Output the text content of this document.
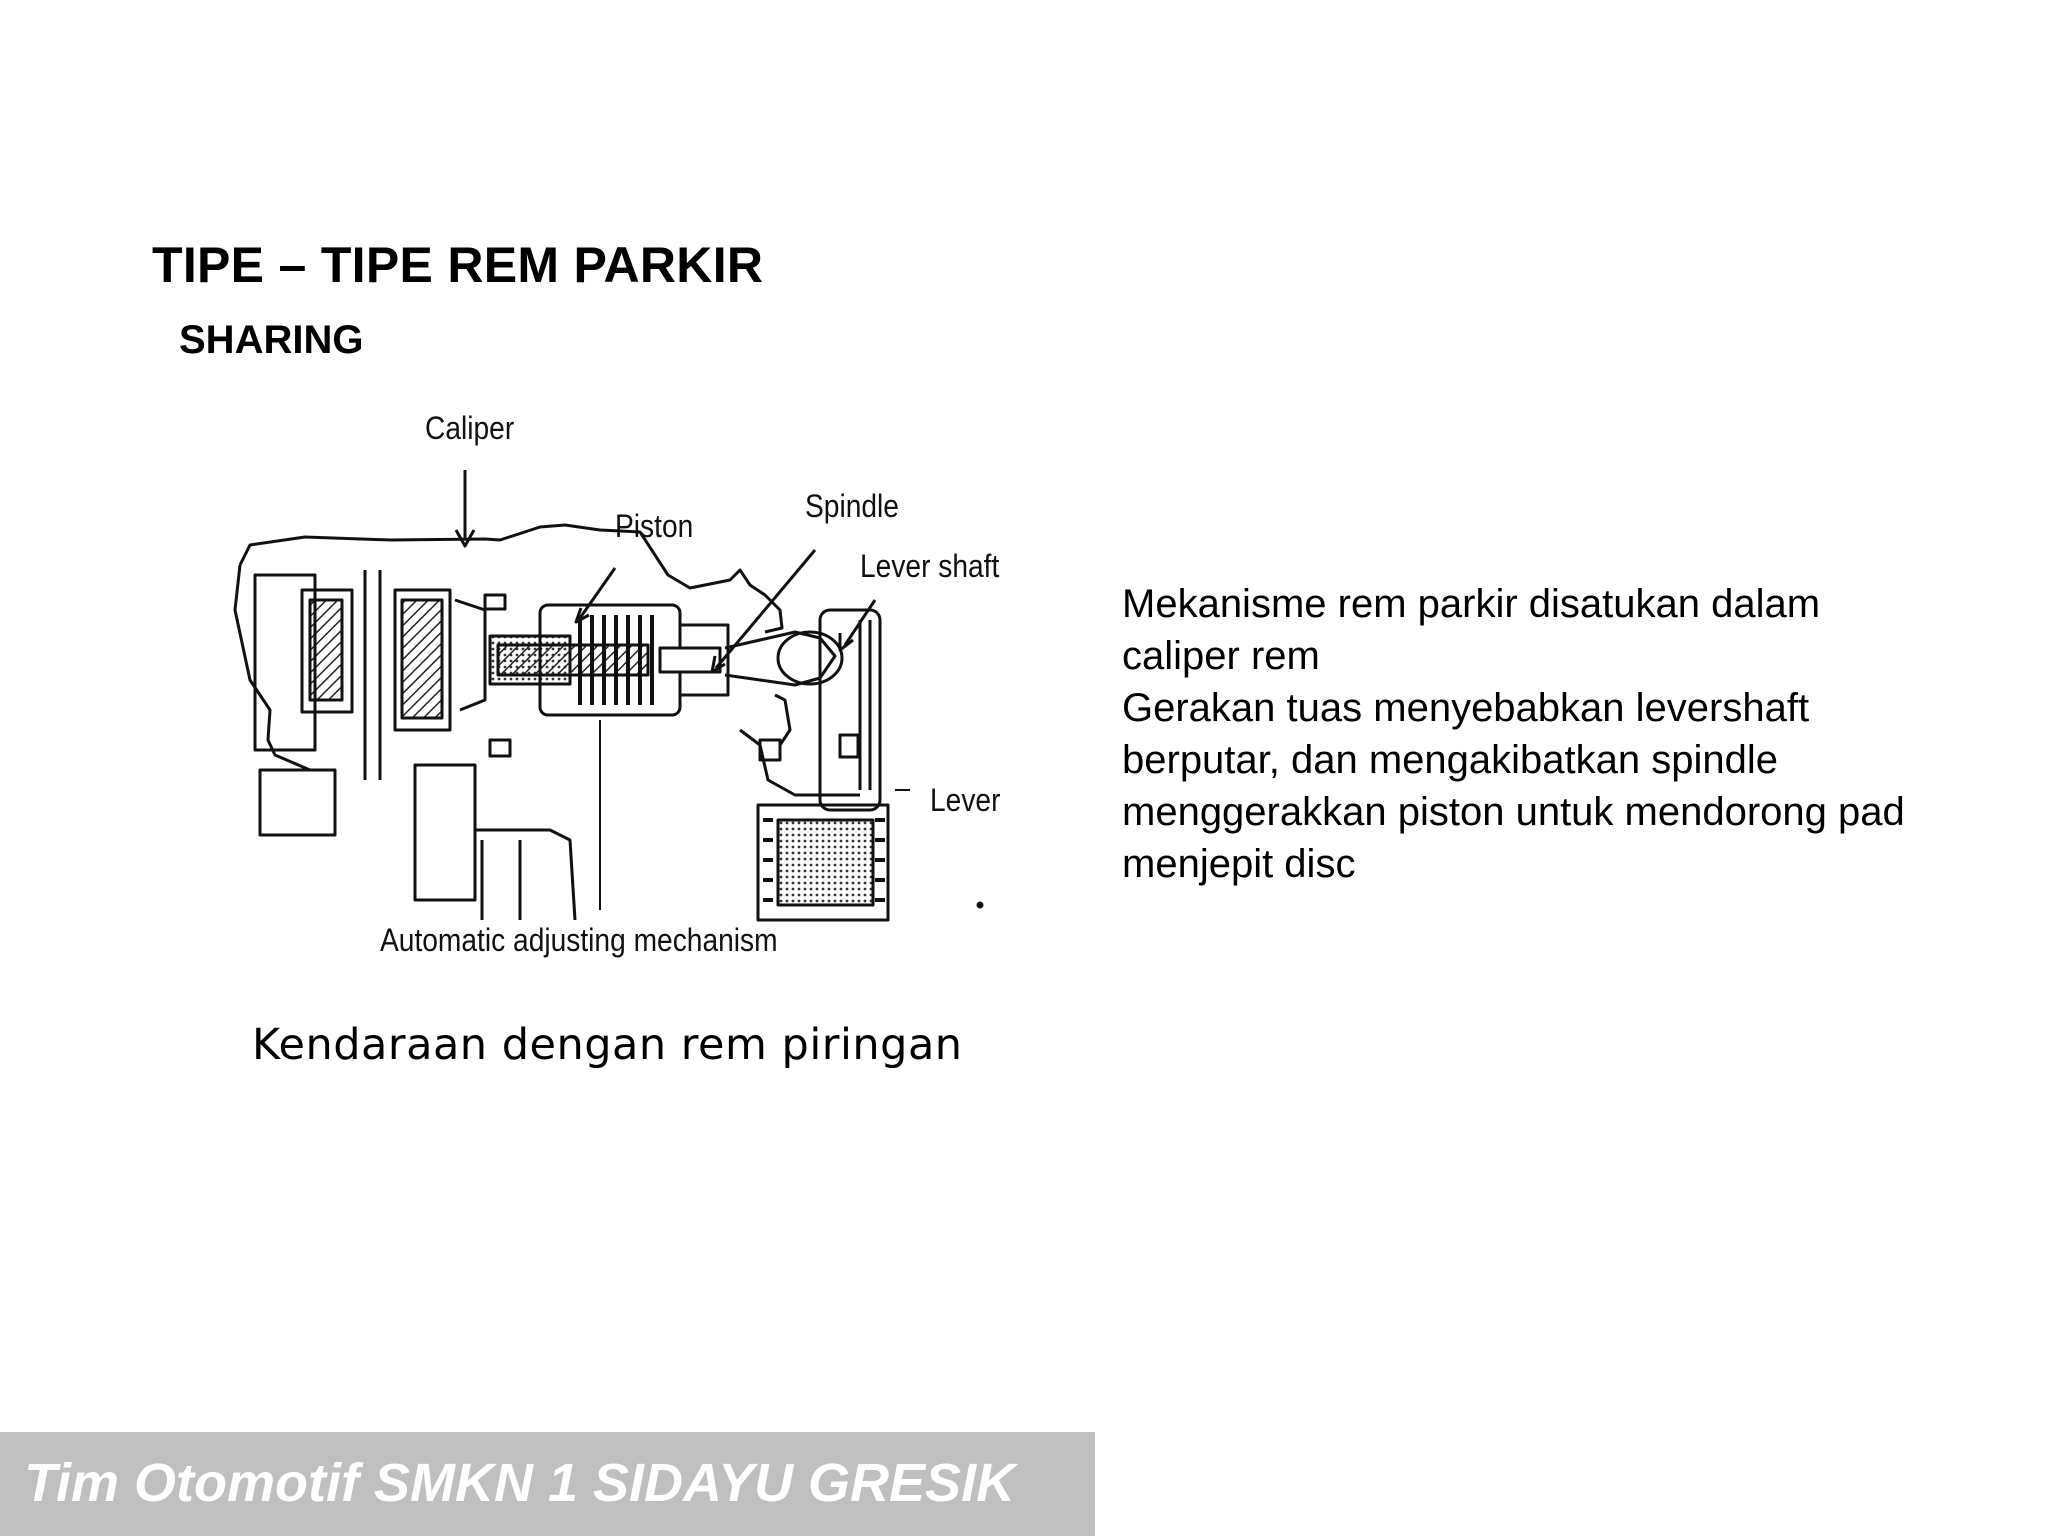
TIPE – TIPE REM PARKIR
SHARING
Caliper
Piston
Spindle
Lever shaft
Lever
Automatic adjusting mechanism
Kendaraan dengan rem piringan

Mekanisme rem parkir disatukan dalam caliper rem

Gerakan tuas menyebabkan levershaft berputar, dan mengakibatkan spindle menggerakkan piston untuk mendorong pad menjepit disc

Tim Otomotif SMKN 1 SIDAYU GRESIK
